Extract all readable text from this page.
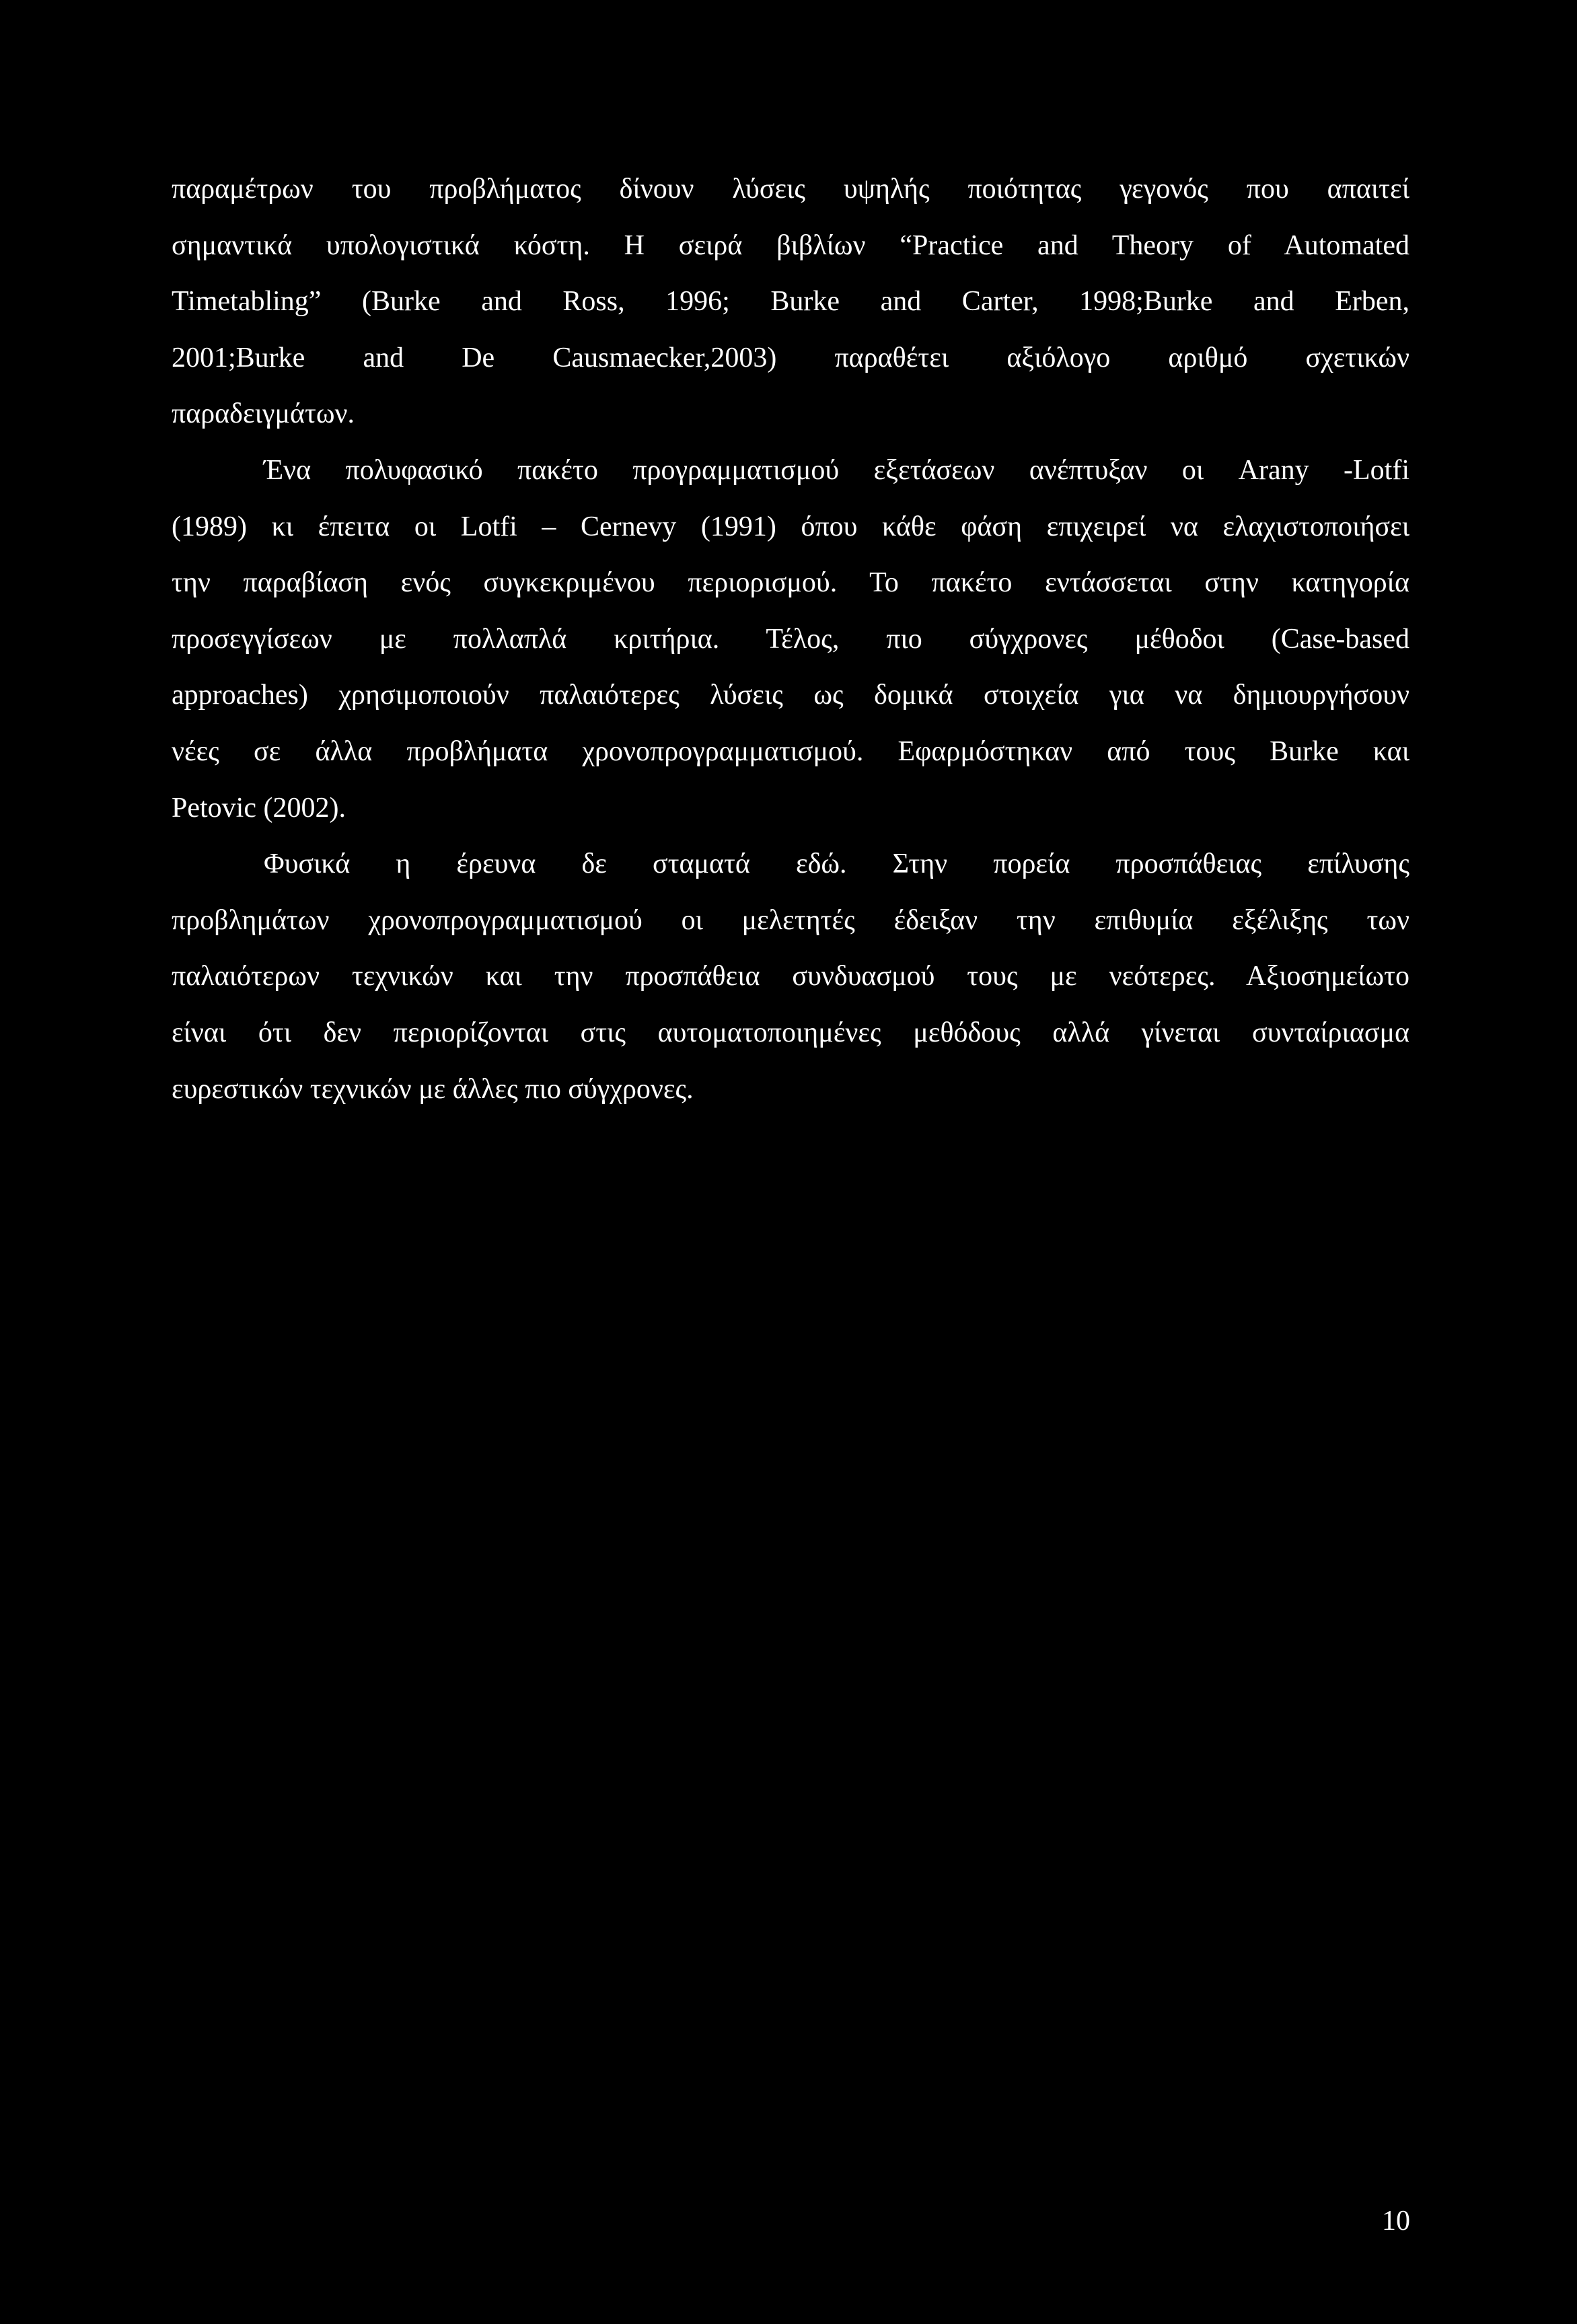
παραμέτρων του προβλήματος δίνουν λύσεις υψηλής ποιότητας γεγονός που απαιτεί
σημαντικά υπολογιστικά κόστη. Η σειρά βιβλίων “Practice and Theory of Automated
Timetabling” (Burke and Ross, 1996; Burke and Carter, 1998;Burke and Erben,
2001;Burke and De Causmaecker,2003) παραθέτει αξιόλογο αριθμό σχετικών
παραδειγμάτων.

Ένα πολυφασικό πακέτο προγραμματισμού εξετάσεων ανέπτυξαν οι Arany -Lotfi
(1989) κι έπειτα οι Lotfi – Cernevy (1991) όπου κάθε φάση επιχειρεί να ελαχιστοποιήσει
την παραβίαση ενός συγκεκριμένου περιορισμού. Το πακέτο εντάσσεται στην κατηγορία
προσεγγίσεων με πολλαπλά κριτήρια. Τέλος, πιο σύγχρονες μέθοδοι (Case-based
approaches) χρησιμοποιούν παλαιότερες λύσεις ως δομικά στοιχεία για να δημιουργήσουν
νέες σε άλλα προβλήματα χρονοπρογραμματισμού. Εφαρμόστηκαν από τους Burke και
Petovic (2002).

Φυσικά η έρευνα δε σταματά εδώ. Στην πορεία προσπάθειας επίλυσης
προβλημάτων χρονοπρογραμματισμού οι μελετητές έδειξαν την επιθυμία εξέλιξης των
παλαιότερων τεχνικών και την προσπάθεια συνδυασμού τους με νεότερες. Αξιοσημείωτο
είναι ότι δεν περιορίζονται στις αυτοματοποιημένες μεθόδους αλλά γίνεται συνταίριασμα
ευρεστικών τεχνικών με άλλες πιο σύγχρονες.

10
